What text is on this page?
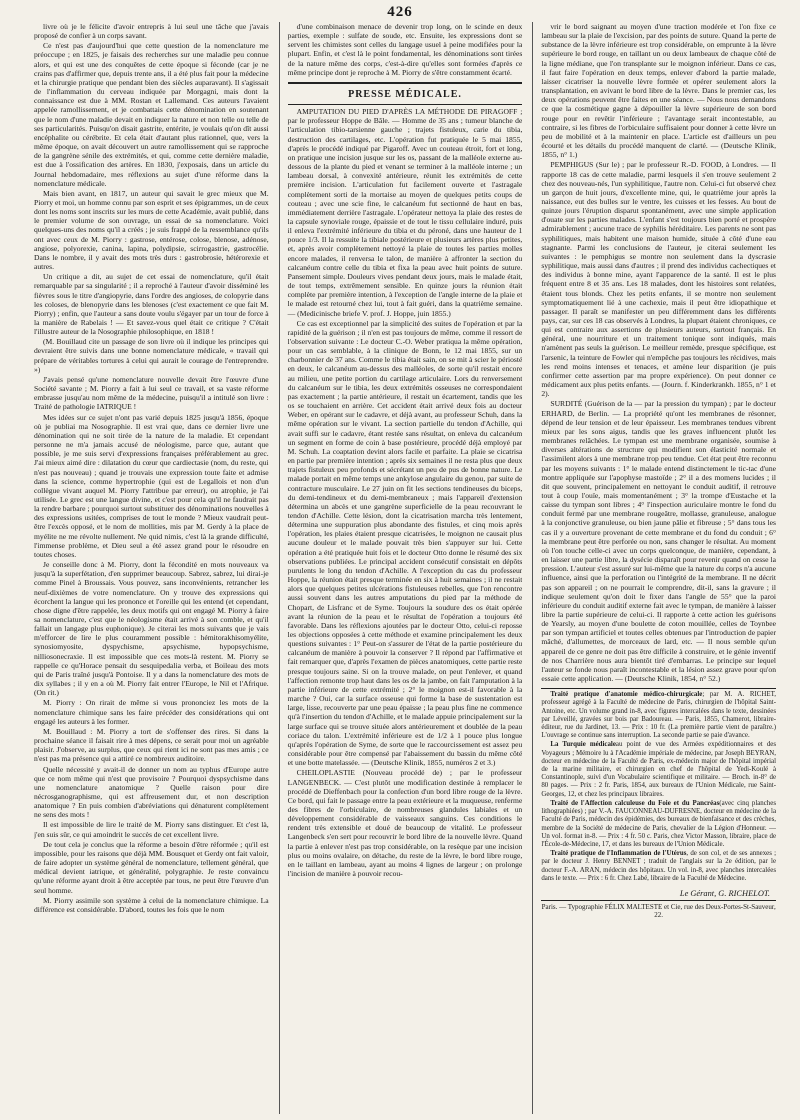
426

livre où je le félicite d'avoir entrepris à lui seul une tâche que j'avais proposé de confier à un corps savant.

Ce n'est pas d'aujourd'hui que cette question de la nomenclature me préoccupe ; en 1825, je faisais des recherches sur une maladie peu connue alors, et qui est une des conquêtes de cette époque si féconde (car je ne crains pas d'affirmer que, depuis trente ans, il a été plus fait pour la médecine et la chirurgie pratique que pendant bien des siècles auparavant). Il s'agissait de l'inflammation du cerveau indiquée par Morgagni, mais dont la connaissance est due à MM. Rostan et Lallemand. Ces auteurs l'avaient appelée ramollissement, et je combattais cette dénomination en soutenant que le nom d'une maladie devait en indiquer la nature et non telle ou telle de ses particularités. Puisqu'on disait gastrite, entérite, je voulais qu'on dît aussi encéphalite ou cérébrite. Et cela était d'autant plus rationnel, que, vers la même époque, on avait découvert un autre ramollissement qui se rapproche de la gangrène sénile des extrémités, et qui, comme cette dernière maladie, est due à l'ossification des artères. En 1830, j'exposais, dans un article du Journal hebdomadaire, mes réflexions au sujet d'une réforme dans la nomenclature médicale.

Mais bien avant, en 1817, un auteur qui savait le grec mieux que M. Piorry et moi, un homme connu par son esprit et ses épigrammes, un de ceux dont les noms sont inscrits sur les murs de cette Académie, avait publié, dans le premier volume de son ouvrage, un essai de sa nomenclature. Voici quelques-uns des noms qu'il a créés ; je suis frappé de la ressemblance qu'ils ont avec ceux de M. Piorry : gastrose, entérose, colose, blenose, adénose, angiose, polyorexie, canina, lapina, polydipsie, scirrogastrie, gastrocélie. Dans le nombre, il y avait des mots très durs : gastrobrosie, hétérorexie et autres.

Un critique a dit, au sujet de cet essai de nomenclature, qu'il était remarquable par sa singularité ; il a reproché à l'auteur d'avoir disséminé les fièvres sous le titre d'angiopyrie, dans l'ordre des angioses, de colopyrie dans les coloses, de blenopyrie dans les blenoses (c'est exactement ce que fait M. Piorry) ; enfin, que l'auteur a sans doute voulu s'égayer par un tour de force à la manière de Rabelais ! — Et savez-vous quel était ce critique ? C'était l'illustre auteur de la Nosographie philosophique, en 1818 !

(M. Bouillaud cite un passage de son livre où il indique les principes qui devraient être suivis dans une bonne nomenclature médicale, « travail qui prépare de véritables tortures à celui qui aurait le courage de l'entreprendre. »)

J'avais pensé qu'une nomenclature nouvelle devait être l'œuvre d'une Société savante ; M. Piorry a fait à lui seul ce travail, et sa vaste réforme embrasse jusqu'au nom même de la médecine, puisqu'il a intitulé son livre : Traité de pathologie IATRIQUE !

Mes idées sur ce sujet n'ont pas varié depuis 1825 jusqu'à 1856, époque où je publiai ma Nosographie. Il est vrai que, dans ce dernier livre une dénomination qui ne soit tirée de la nature de la maladie. Et cependant personne ne m'a jamais accusé de néologisme, parce que, autant que possible, je me suis servi d'expressions françaises préférablement au grec. J'ai mieux aimé dire : dilatation du cœur que cardiectasie (nom, du reste, qui n'est pas nouveau) ; quand je trouvais une expression toute faite et admise dans la science, comme hypertrophie (qui est de Legallois et non d'un collègue vivant auquel M. Piorry l'attribue par erreur), ou atrophie, je l'ai utilisée. Le grec est une langue divine, et c'est pour cela qu'il ne faudrait pas la rendre barbare ; pourquoi surtout substituer des dénominations nouvelles à des expressions usitées, comprises de tout le monde ? Mieux vaudrait peut-être l'excès opposé, et le nom de mollities, mis par M. Gerdy à la place de myélite ne me révolte nullement. Ne quid nimis, c'est là la grande difficulté, l'immense problème, et Dieu seul a été assez grand pour le résoudre en toutes choses.

Je conseille donc à M. Piorry, dont la fécondité en mots nouveaux va jusqu'à la superfétation, d'en supprimer beaucoup. Sabrez, sabrez, lui dirai-je comme Pinel à Broussais. Vous pouvez, sans inconvénients, retrancher les neuf-dixièmes de votre nomenclature. On y trouve des expressions qui écorchent la langue qui les prononce et l'oreille qui les entend (et cependant, chose digne d'être rappelée, les deux motifs qui ont engagé M. Piorry à faire sa nomenclature, c'est que le néologisme était arrivé à son comble, et qu'il fallait un langage plus euphonique). Je citerai les mots suivants que je vais m'efforcer de lire le plus couramment possible : hémitorakhisomyélite, synosiomyosite, dyspychisme, apsychisme, hypopsychisme, nilliosonecraxie. Il est impossible que ces mots-là restent. M. Piorry se rappelle ce qu'Horace pensait du sesquipedalia verba, et Boileau des mots qui de Paris traîné jusqu'à Pontoise. Il y a dans la nomenclature des mots de dix syllabes ; il y en a où M. Piorry fait entrer l'Europe, le Nil et l'Afrique. (On rit.)

M. Piorry : On rirait de même si vous prononciez les mots de la nomenclature chimique sans les faire précéder des considérations qui ont engagé les auteurs à les former.

M. Bouillaud : M. Piorry a tort de s'offenser des rires. Si dans la prochaine séance il faisait rire à mes dépens, ce serait pour moi un agréable plaisir. J'observe, au surplus, que ceux qui rient ici ne sont pas mes amis ; ce n'est pas ma présence qui a attiré ce nombreux auditoire.

Quelle nécessité y avait-il de donner un nom au typhus d'Europe autre que ce nom même qui n'est que provisoire ? Pourquoi dyspsychisme dans une nomenclature anatomique ? Quelle raison pour dire nécrosganographisme, qui est affreusement dur, et non description anatomique ? En puis combien d'abréviations qui dénaturent complètement ne sens des mots !

Il est impossible de lire le traité de M. Piorry sans distinguer. Et c'est là, j'en suis sûr, ce qui amoindrit le succès de cet excellent livre.

De tout cela je conclus que la réforme a besoin d'être réformée ; qu'il est impossible, pour les raisons que déjà MM. Bousquet et Gerdy ont fait valoir, de faire adopter un système général de nomenclature, tellement général, que médical devient iatrique, et généralité, polygraphie. Je reste convaincu qu'une réforme ayant droit à être acceptée par tous, ne peut être l'œuvre d'un seul homme.

M. Piorry assimile son système à celui de la nomenclature chimique. La différence est considérable. D'abord, toutes les fois que le nom

d'une combinaison menace de devenir trop long, on le scinde en deux parties, exemple : sulfate de soude, etc. Ensuite, les expressions dont se servent les chimistes sont celles du langage usuel à peine modifiées pour la plupart. Enfin, et c'est là le point fondamental, les dénominations sont tirées de la nature même des corps, c'est-à-dire qu'elles sont formées d'après ce même principe dont je reproche à M. Piorry de s'être constamment écarté.

PRESSE MÉDICALE.

AMPUTATION DU PIED D'APRÈS LA MÉTHODE DE PIRAGOFF ; par le professeur Hoppe de Bâle. — Homme de 35 ans ; tumeur blanche de l'articulation tibio-tarsienne gauche ; trajets fistuleux, carie du tibia, destruction des cartilages, etc. L'opération fut pratiquée le 5 mai 1855, d'après le procédé indiqué par Pigaroff. Avec un couteau étroit, fort et long, on pratique une incision jusque sur les os, passant de la malléole externe au-dessous de la plante du pied et venant se terminer à la malléole interne ; un lambeau dorsal, à convexité antérieure, réunit les extrémités de cette première incision. L'articulation fut facilement ouverte et l'astragale complètement sorti de la mortaise au moyen de quelques petits coups de couteau ; avec une scie fine, le calcanéum fut sectionné de haut en bas, immédiatement derrière l'astragale. L'opérateur nettoya la plaie des restes de la capsule synoviale rouge, épaissie et de tout le tissu cellulaire induré, puis il enleva l'extrémité inférieure du tibia et du péroné, dans une hauteur de 1 pouce 1/3. Il la ressuite la tibiale postérieure et plusieurs artères plus petites, et, après avoir complètement nettoyé la plaie de toutes les parties molles encore malades, il renversa le talon, de manière à affronter la section du calcanéum contre celle du tibia et fixa la peau avec huit points de suture. Pansement simple. Douleurs vives pendant deux jours, mais le malade était, de tout temps, extrêmement sensible. En quinze jours la réunion était complète par première intention, à l'exception de l'angle interne de la plaie et le malade est retourné chez lui, tout à fait guéri, dans la quatrième semaine. — (Medicinische briefe V. prof. J. Hoppe, juin 1855.)

Ce cas est exceptionnel par la simplicité des suites de l'opération et par la rapidité de la guérison ; il n'en est pas toujours de même, comme il ressort de l'observation suivante : Le docteur C.-O. Weber pratiqua la même opération, pour un cas semblable, à la clinique de Bonn, le 12 mai 1855, sur un charbonnier de 37 ans. Comme le tibia était sain, on se mit à scier le périosté en deux, le calcanéum au-dessus des malléoles, de sorte qu'il restait encore au milieu, une petite portion du cartilage articulaire. Lors du renversement du calcanéum sur le tibia, les deux extrémités osseuses ne correspondaient pas exactement ; la partie antérieure, il restait un écartement, tandis que les os se touchaient en arrière. Cet accident était arrivé deux fois au docteur Weber, en opérant sur le cadavre, et déjà avant, au professeur Schuh, dans la même opération sur le vivant. La section partielle du tendon d'Achille, qui avait suffi sur le cadavre, étant restée sans résultat, on enleva du calcanéum un segment en forme de coin à base postérieure, procédé déjà employé par M. Schuh. La coaptation devint alors facile et parfaite. La plaie se cicatrisa en partie par première intention ; après six semaines il ne resta plus que deux trajets fistuleux peu profonds et sécrétant un peu de pus de bonne nature. Le malade portait en même temps une ankylose angulaire du genou, par suite de contracture musculaire. Le 27 juin on fit les sections tendineuses du biceps, du demi-tendineux et du demi-membraneux ; mais l'appareil d'extension détermina un abcès et une gangrène superficielle de la peau recouvrant le tendon d'Achille. Cette lésion, dont la cicatrisation marcha très lentement, détermina une suppuration plus abondante des fistules, et cinq mois après l'opération, les plaies étaient presque cicatrisées, le moignon ne causait plus aucune douleur et le malade pouvait très bien s'appuyer sur lui. Cette opération a été pratiquée huit fois et le docteur Otto donne le résumé des six observations publiées. Le principal accident consécutif consistait en dépôts purulents le long du tendon d'Achille. A l'exception du cas du professeur Hoppe, la réunion était presque terminée en six à huit semaines ; il ne restait alors que quelques petites ulcérations fistuleuses rebelles, que l'on rencontre aussi souvent dans les autres amputations du pied par la méthode de Chopart, de Lisfranc et de Syme. Toujours la soudure des os était opérée avant la réunion de la peau et le résultat de l'opération a toujours été favorable. Dans les réflexions ajoutées par le docteur Otto, celui-ci reposse les objections opposées à cette méthode et examine principalement les deux questions suivantes : 1° Peut-on s'assurer de l'état de la partie postérieure du calcanéum de manière à pouvoir la conserver ? Il répond par l'affirmative et fait remarquer que, d'après l'examen de pièces anatomiques, cette partie reste presque toujours saine. Si on la trouve malade, on peut l'enlever, et quand l'affection remonte trop haut dans les os de la jambe, on fait l'amputation à la partie inférieure de cette extrémité ; 2° le moignon est-il favorable à la marche ? Oui, car la surface osseuse qui forme la base de sustentation est large, lisse, recouverte par une peau épaisse ; la peau plus fine ne commence qu'à l'insertion du tendon d'Achille, et le malade appuie principalement sur la large surface qui se trouve située alors antérieurement et doublée de la peau coriace du talon. L'extrémité inférieure est de 1/2 à 1 pouce plus longue qu'après l'opération de Syme, de sorte que le raccourcissement est assez peu considérable pour être compensé par l'abaissement du bassin du même côté et une botte matelassée. — (Deutsche Klinik, 1855, numéros 2 et 3.)

CHEILOPLASTIE (Nouveau procédé de) ; par le professeur LANGENBECK. — C'est plutôt une modification destinée à remplacer le procédé de Dieffenbach pour la confection d'un bord libre rouge de la lèvre. Ce bord, qui fait le passage entre la peau extérieure et la muqueuse, renferme des fibres de l'orbiculaire, de nombreuses glandules labiales et un développement considérable de vaisseaux sanguins. Ces conditions le rendent très extensible et doué de beaucoup de vitalité. Le professeur Langenbeck s'en sert pour recouvrir le bord libre de la nouvelle lèvre. Quand la partie à enlever n'est pas trop considérable, on la resèque par une incision plus ou moins ovalaire, on détache, du reste de la lèvre, le bord libre rouge, en le taillant en lambeau, ayant au moins 4 lignes de largeur ; on prolonge l'incision de manière à pouvoir recou-

vrir le bord saignant au moyen d'une traction modérée et l'on fixe ce lambeau sur la plaie de l'excision, par des points de suture. Quand la perte de substance de la lèvre inférieure est trop considérable, on emprunte à la lèvre supérieure le bord rouge, en taillant un ou deux lambeaux de chaque côté de la ligne médiane, que l'on transplante sur le moignon inférieur. Dans ce cas, il faut faire l'opération en deux temps, enlever d'abord la partie malade, laisser cicatriser la nouvelle lèvre formée et opérer seulement alors la transplantation, en avivant le bord libre de la lèvre. Dans le premier cas, les deux opérations peuvent être faites en une séance. — Nous nous demandons ce que la cosmétique gagne à dépouiller la lèvre supérieure de son bord rouge pour en revêtir l'inférieure ; l'avantage serait incontestable, au contraire, si les fibres de l'orbiculaire suffisaient pour donner à cette lèvre un peu de mobilité et à la maintenir en place. L'article est d'ailleurs un peu écourté et les détails du procédé manquent de clarté. — (Deutsche Klinik, 1855, n° 1.)

PEMPHIGUS (Sur le) ; par le professeur R.-D. FOOD, à Londres. — Il rapporte 18 cas de cette maladie, parmi lesquels il s'en trouve seulement 2 chez des nouveau-nés, l'un syphilitique, l'autre non. Celui-ci fut observé chez un garçon de huit jours, d'excellente mine, qui, le quatrième jour après la naissance, eut des bulles sur le ventre, les cuisses et les fesses. Au bout de quinze jours l'éruption disparut spontanément, avec une simple application d'ouate sur les parties malades. L'enfant s'est toujours bien porté et prospère admirablement ; aucune trace de syphilis héréditaire. Les parents ne sont pas syphilitiques, mais habitent une maison humide, située à côté d'une eau stagnante. Parmi les conclusions de l'auteur, je citerai seulement les suivantes : le pemphigus se montre non seulement dans la dyscrasie syphilitique, mais aussi dans d'autres ; il prend des individus cachectiques et des individus à bonne mine, ayant l'apparence de la santé. Il est le plus fréquent entre 8 et 35 ans. Les 18 malades, dont les histoires sont relatées, étaient tous blonds. Chez les petits enfants, il se montre non seulement symptomatiquement lié à une cachexie, mais il peut être idiopathique et passager. Il paraît se manifester un peu différemment dans les différents pays, car, sur ces 18 cas observés à Londres, la plupart étaient chroniques, ce qui est contraire aux assertions de plusieurs auteurs, surtout français. En général, une nourriture et un traitement tonique sont indiqués, mais n'amènent pas seuls la guérison. Le meilleur remède, presque spécifique, est l'arsenic, la teinture de Fowler qui n'empêche pas toujours les récidives, mais les rend moins intenses et tenaces, et amène leur disparition (je puis confirmer cette assertion par ma propre expérience). On peut donner ce médicament aux plus petits enfants. — (Journ. f. Kinderkrankh. 1855, n° 1 et 2).

SURDITÉ (Guérison de la — par la pression du tympan) ; par le docteur ERHARD, de Berlin. — La propriété qu'ont les membranes de résonner, dépend de leur tension et de leur épaisseur. Les membranes tendues vibrent mieux par les sons aigus, tandis que les graves influencent plutôt les membranes relâchées. Le tympan est une membrane organisée, soumise à diverses altérations de structure qui modifient son élasticité normale et l'assimilent alors à une membrane trop peu tendue. Cet état peut être reconnu par les moyens suivants : 1° le malade entend distinctement le tic-tac d'une montre appliquée sur l'apophyse mastoïde ; 2° il a des momens lucides ; il dit que souvent, principalement en nettoyant le conduit auditif, il retrouve tout à coup l'ouïe, mais momentanément ; 3° la trompe d'Eustache et la caisse du tympan sont libres ; 4° l'inspection auriculaire montre le fond du conduit fermé par une membrane rougeâtre, mollasse, granuleuse, analogue à la conjonctive granuleuse, ou bien jaune pâlie et fibreuse ; 5° dans tous les cas il y a ouverture provenant de cette membrane et du fond du conduit ; 6° la membrane peut être perforée ou non, sans changer le résultat. Au moment où l'on touche celle-ci avec un corps quelconque, de manière, cependant, à en laisser une partie libre, la dysécie disparaît pour revenir quand on cesse la pression. L'auteur s'est assuré sur lui-même que la nature du corps n'a aucune influence, ainsi que la perforation ou l'intégrité de la membrane. Il ne décrit pas son appareil ; on ne pourrait le comprendre, dit-il, sans la gravure ; il indique seulement qu'on doit le fixer dans l'angle de 55° que la paroi inférieure du conduit auditif externe fait avec le tympan, de manière à laisser libre la partie supérieure de celui-ci. Il rapporte à cette action les guérisons de Yearsly, au moyen d'une boulette de coton mouillée, celles de Toynbee par son tympan artificiel et toutes celles obtenues par l'introduction de papier mâché, d'allumettes, de morceaux de lard, etc. — Il nous semble qu'un appareil de ce genre ne doit pas être difficile à construire, et le génie inventif de nos Charrière nous aura bientôt tiré d'embarras. Le principe sur lequel l'auteur se fonde nous paraît incontestable et la lésion assez grave pour qu'on essaie cette application. — (Deutsche Klinik, 1854, n° 52.)

Traité pratique d'anatomie médico-chirurgicale; par M. A. RICHET, professeur agrégé à la Faculté de médecine de Paris, chirurgien de l'hôpital Saint-Antoine, etc. Un volume grand in-8, avec figures intercalées dans le texte, dessinées par Léveillé, gravées sur bois par Badoureau. — Paris, 1855, Chamerot, libraire-éditeur, rue du Jardinet, 13. — Prix : 10 fr. (La première partie vient de paraître.) L'ouvrage se continue sans interruption. La seconde partie se paie d'avance.

La Turquie médicaleau point de vue des Armées expéditionnaires et des Voyageurs ; Mémoire lu à l'Académie impériale de médecine, par Joseph BEYRAN, docteur en médecine de la Faculté de Paris, ex-médecin major de l'hôpital impérial de la marine militaire, et chirurgien en chef de l'hôpital de Yedi-Koulé à Constantinople, suivi d'un Vocabulaire scientifique et militaire. — Broch. in-8° de 80 pages. — Prix : 2 fr. Paris, 1854, aux bureaux de l'Union Médicale, rue Saint-Georges, 12, et chez les principaux libraires.

Traité de l'Affection calculeuse du Foie et du Pancréas(avec cinq planches lithographiées) ; par V.-A. FAUCONNEAU-DUFRESNE, docteur en médecine de la Faculté de Paris, médecin des épidémies, des bureaux de bienfaisance et des crèches, membre de la Société de médecine de Paris, chevalier de la Légion d'Honneur. — Un vol. format in-8. — Prix : 4 fr. 50 c. Paris, chez Victor Masson, libraire, place de l'École-de-Médecine, 17, et dans les bureaux de l'Union Médicale.

Traité pratique de l'Inflammation de l'Utérus, de son col, et de ses annexes ; par le docteur J. Henry BENNET ; traduit de l'anglais sur la 2e édition, par le docteur F.-A. ARAN, médecin des hôpitaux. Un vol. in-8, avec planches intercalées dans le texte. — Prix : 6 fr. Chez Labé, libraire de la Faculté de Médecine.

Le Gérant, G. RICHELOT.
Paris. — Typographie FÉLIX MALTESTE et Cie, rue des Deux-Portes-St-Sauveur, 22.
